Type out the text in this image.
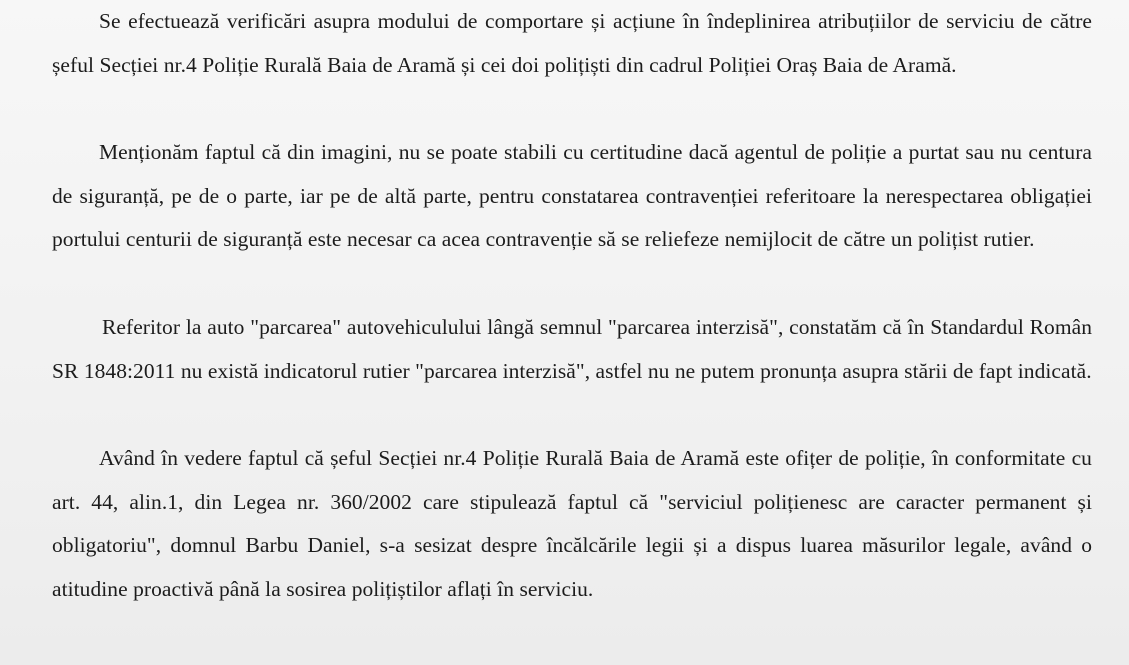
Se efectuează verificări asupra modului de comportare și acțiune în îndeplinirea atribuțiilor de serviciu de către șeful Secției nr.4 Poliție Rurală Baia de Aramă și cei doi polițiști din cadrul Poliției Oraș Baia de Aramă.

Menționăm faptul că din imagini, nu se poate stabili cu certitudine dacă agentul de poliție a purtat sau nu centura de siguranță, pe de o parte, iar pe de altă parte, pentru constatarea contravenției referitoare la nerespectarea obligației portului centurii de siguranță este necesar ca acea contravenție să se reliefeze nemijlocit de către un polițist rutier.

Referitor la auto "parcarea" autovehiculului lângă semnul "parcarea interzisă", constatăm că în Standardul Român SR 1848:2011 nu există indicatorul rutier "parcarea interzisă", astfel nu ne putem pronunța asupra stării de fapt indicată.

Având în vedere faptul că șeful Secției nr.4 Poliție Rurală Baia de Aramă este ofițer de poliție, în conformitate cu art. 44, alin.1, din Legea nr. 360/2002 care stipulează faptul că "serviciul polițienesc are caracter permanent și obligatoriu", domnul Barbu Daniel, s-a sesizat despre încălcările legii și a dispus luarea măsurilor legale, având o atitudine proactivă până la sosirea polițiștilor aflați în serviciu.
